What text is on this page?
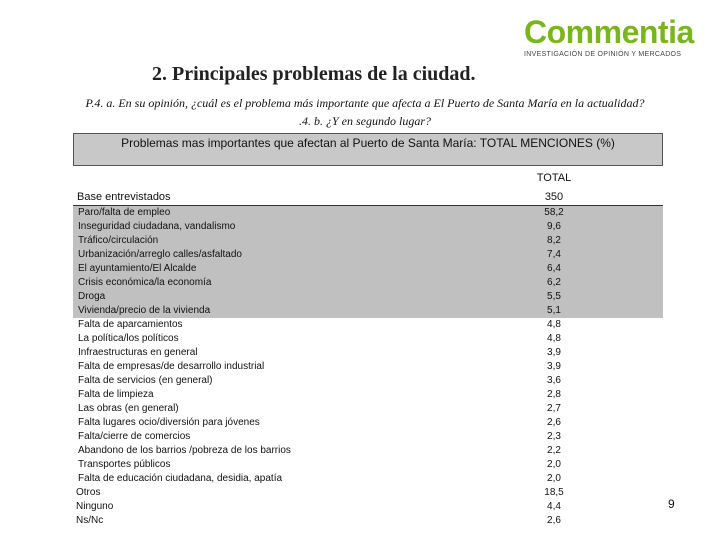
Commentia
INVESTIGACIÓN DE OPINIÓN Y MERCADOS
2. Principales problemas de la ciudad.
P.4. a. En su opinión, ¿cuál es el problema más importante que afecta a El Puerto de Santa María en la actualidad?
.4. b. ¿Y en segundo lugar?
Problemas mas importantes que afectan al Puerto de Santa María: TOTAL MENCIONES (%)
TOTAL
Base entrevistados	350
Paro/falta de empleo	58,2
Inseguridad ciudadana, vandalismo	9,6
Tráfico/circulación	8,2
Urbanización/arreglo calles/asfaltado	7,4
El ayuntamiento/El Alcalde	6,4
Crisis económica/la economía	6,2
Droga	5,5
Vivienda/precio de la vivienda	5,1
Falta de aparcamientos	4,8
La política/los políticos	4,8
Infraestructuras en general	3,9
Falta de empresas/de desarrollo industrial	3,9
Falta de servicios (en general)	3,6
Falta de limpieza	2,8
Las obras (en general)	2,7
Falta lugares ocio/diversión para jóvenes	2,6
Falta/cierre de comercios	2,3
Abandono de los barrios /pobreza de los barrios	2,2
Transportes públicos	2,0
Falta de educación ciudadana, desidia, apatía	2,0
Otros	18,5
Ninguno	4,4
Ns/Nc	2,6
9
